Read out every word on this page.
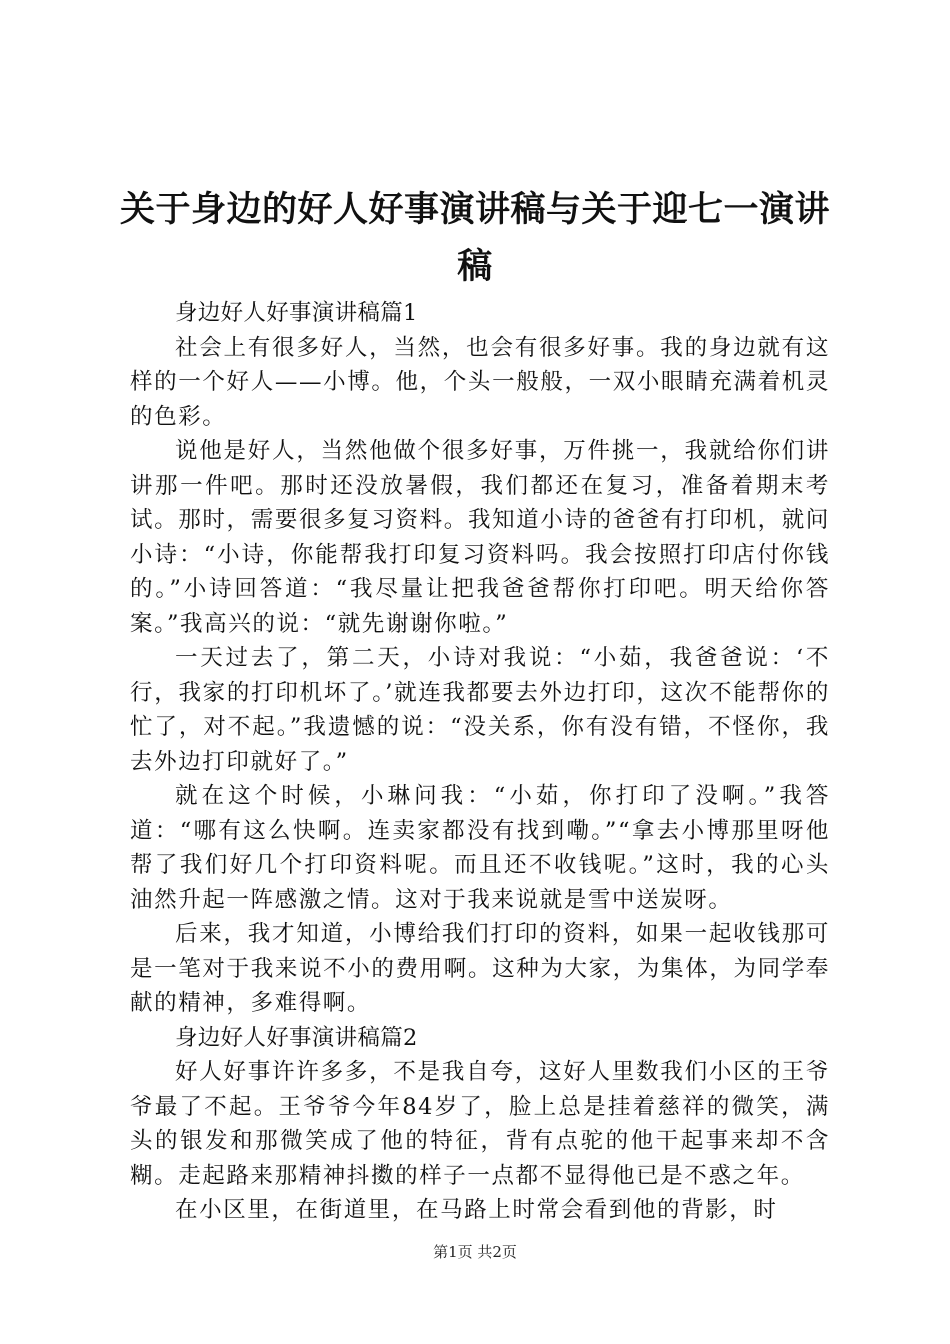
关于身边的好人好事演讲稿与关于迎七一演讲稿

身边好人好事演讲稿篇1

社会上有很多好人，当然，也会有很多好事。我的身边就有这样的一个好人——小博。他，个头一般般，一双小眼睛充满着机灵的色彩。

说他是好人，当然他做个很多好事，万件挑一，我就给你们讲讲那一件吧。那时还没放暑假，我们都还在复习，准备着期末考试。那时，需要很多复习资料。我知道小诗的爸爸有打印机，就问小诗：“小诗，你能帮我打印复习资料吗。我会按照打印店付你钱的。”小诗回答道：“我尽量让把我爸爸帮你打印吧。明天给你答案。”我高兴的说：“就先谢谢你啦。”

一天过去了，第二天，小诗对我说：“小茹，我爸爸说：‘不行，我家的打印机坏了。’就连我都要去外边打印，这次不能帮你的忙了，对不起。”我遗憾的说：“没关系，你有没有错，不怪你，我去外边打印就好了。”

就在这个时候，小琳问我：“小茹，你打印了没啊。”我答道：“哪有这么快啊。连卖家都没有找到嘞。”“拿去小博那里呀他帮了我们好几个打印资料呢。而且还不收钱呢。”这时，我的心头油然升起一阵感激之情。这对于我来说就是雪中送炭呀。

后来，我才知道，小博给我们打印的资料，如果一起收钱那可是一笔对于我来说不小的费用啊。这种为大家，为集体，为同学奉献的精神，多难得啊。

身边好人好事演讲稿篇2

好人好事许许多多，不是我自夸，这好人里数我们小区的王爷爷最了不起。王爷爷今年84岁了，脸上总是挂着慈祥的微笑，满头的银发和那微笑成了他的特征，背有点驼的他干起事来却不含糊。走起路来那精神抖擞的样子一点都不显得他已是不惑之年。

在小区里，在街道里，在马路上时常会看到他的背影，时

第1页 共2页
